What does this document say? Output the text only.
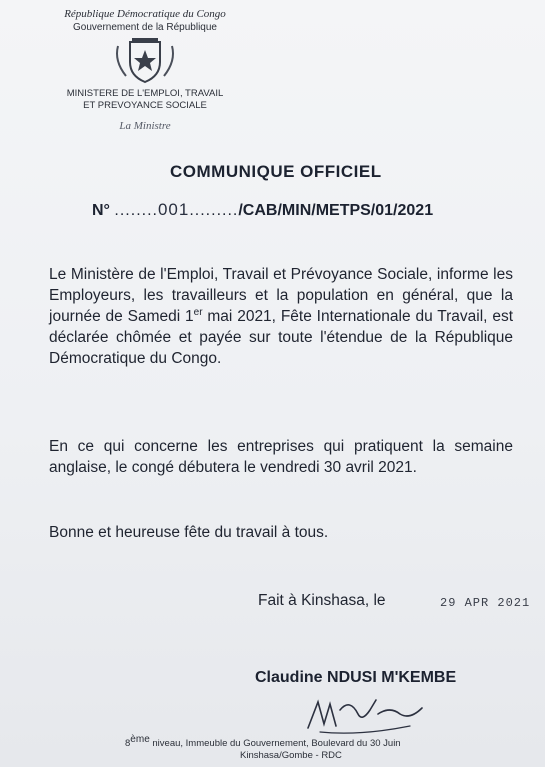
République Démocratique du Congo
Gouvernement de la République
MINISTERE DE L'EMPLOI, TRAVAIL
ET PREVOYANCE SOCIALE
La Ministre
COMMUNIQUE OFFICIEL
N° ........001........./CAB/MIN/METPS/01/2021
Le Ministère de l'Emploi, Travail et Prévoyance Sociale, informe les Employeurs, les travailleurs et la population en général, que la journée de Samedi 1er mai 2021, Fête Internationale du Travail, est déclarée chômée et payée sur toute l'étendue de la République Démocratique du Congo.
En ce qui concerne les entreprises qui pratiquent la semaine anglaise, le congé débutera le vendredi 30 avril 2021.
Bonne et heureuse fête du travail à tous.
Fait à Kinshasa, le	29 APR 2021
Claudine NDUSI M'KEMBE
8ème niveau, Immeuble du Gouvernement, Boulevard du 30 Juin
Kinshasa/Gombe - RDC
